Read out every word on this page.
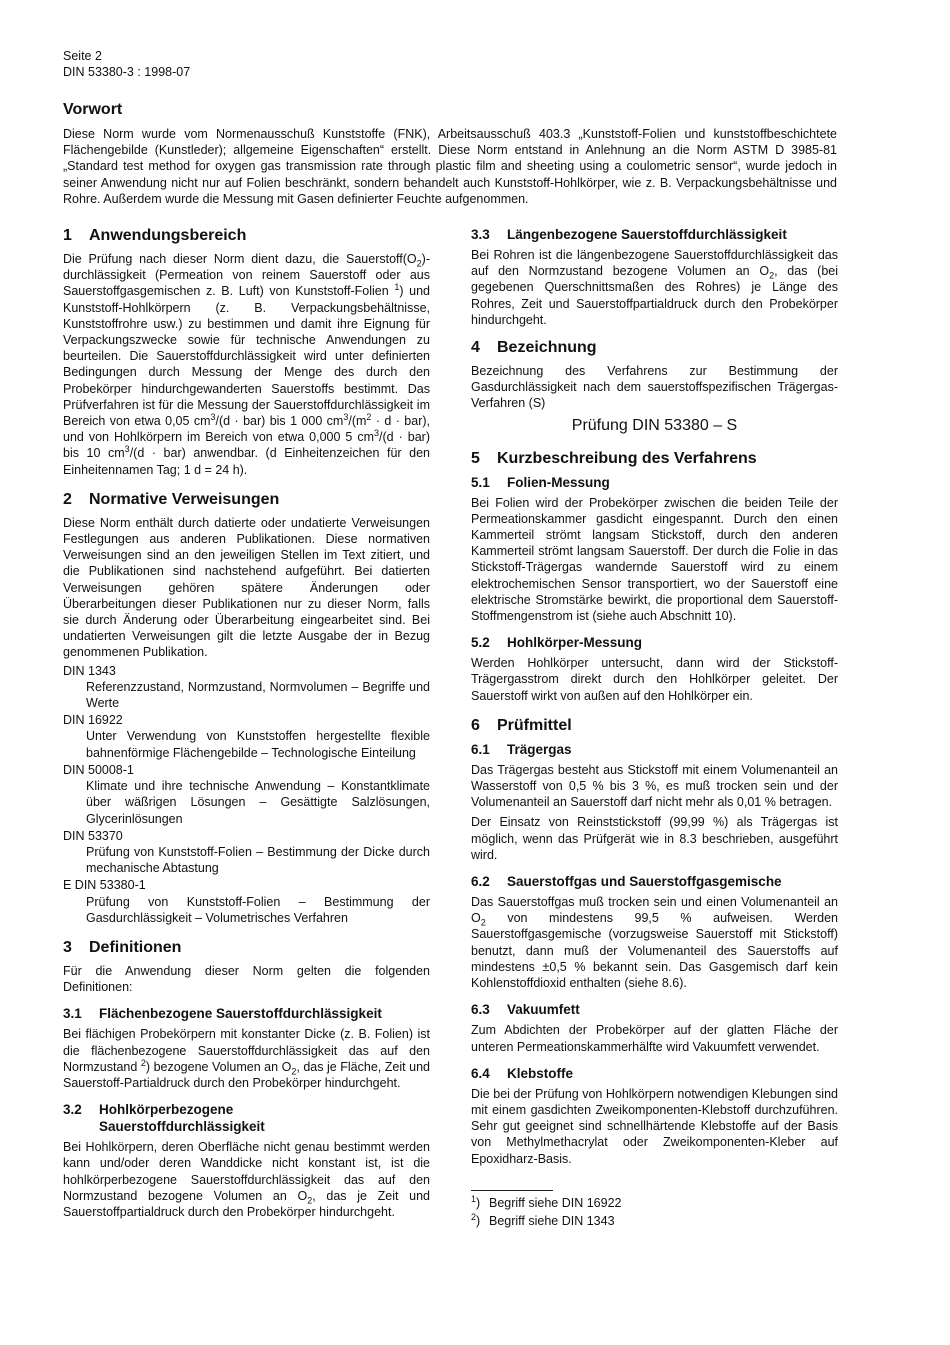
Seite 2
DIN 53380-3 : 1998-07
Vorwort

Diese Norm wurde vom Normenausschuß Kunststoffe (FNK), Arbeitsausschuß 403.3 „Kunststoff-Folien und kunststoffbeschichtete Flächengebilde (Kunstleder); allgemeine Eigenschaften“ erstellt. Diese Norm entstand in Anlehnung an die Norm ASTM D 3985-81 „Standard test method for oxygen gas transmission rate through plastic film and sheeting using a coulometric sensor“, wurde jedoch in seiner Anwendung nicht nur auf Folien beschränkt, sondern behandelt auch Kunststoff-Hohlkörper, wie z. B. Verpackungsbehältnisse und Rohre. Außerdem wurde die Messung mit Gasen definierter Feuchte aufgenommen.

1 Anwendungsbereich

Die Prüfung nach dieser Norm dient dazu, die $Sauerstoff(O_2)$-durchlässigkeit (Permeation von reinem Sauerstoff oder aus Sauerstoffgasgemischen z. B. Luft) von Kunststoff-Folien $^1$) und Kunststoff-Hohlkörpern (z. B. Verpackungsbehältnisse, Kunststoffrohre usw.) zu bestimmen und damit ihre Eignung für Verpackungszwecke sowie für technische Anwendungen zu beurteilen. Die Sauerstoffdurchlässigkeit wird unter definierten Bedingungen durch Messung der Menge des durch den Probekörper hindurchgewanderten Sauerstoffs bestimmt. Das Prüfverfahren ist für die Messung der Sauerstoffdurchlässigkeit im Bereich von etwa 0,05 $cm^3/(d \cdot bar)$ bis 1 000 $cm^3/(m^2 \cdot d \cdot bar)$, und von Hohlkörpern im Bereich von etwa 0,000 5 $cm^3/(d \cdot bar)$ bis 10 $cm^3/(d \cdot bar)$ anwendbar. (d Einheitenzeichen für den Einheitennamen Tag; 1 d = 24 h).

2 Normative Verweisungen

Diese Norm enthält durch datierte oder undatierte Verweisungen Festlegungen aus anderen Publikationen. Diese normativen Verweisungen sind an den jeweiligen Stellen im Text zitiert, und die Publikationen sind nachstehend aufgeführt. Bei datierten Verweisungen gehören spätere Änderungen oder Überarbeitungen dieser Publikationen nur zu dieser Norm, falls sie durch Änderung oder Überarbeitung eingearbeitet sind. Bei undatierten Verweisungen gilt die letzte Ausgabe der in Bezug genommenen Publikation.

DIN 1343

Referenzzustand, Normzustand, Normvolumen – Begriffe und Werte

DIN 16922

Unter Verwendung von Kunststoffen hergestellte flexible bahnenförmige Flächengebilde – Technologische Einteilung

DIN 50008-1

Klimate und ihre technische Anwendung – Konstantklimate über wäßrigen Lösungen – Gesättigte Salzlösungen, Glycerinlösungen

DIN 53370

Prüfung von Kunststoff-Folien – Bestimmung der Dicke durch mechanische Abtastung

E DIN 53380-1

Prüfung von Kunststoff-Folien – Bestimmung der Gasdurchlässigkeit – Volumetrisches Verfahren

3 Definitionen

Für die Anwendung dieser Norm gelten die folgenden Definitionen:

3.1 Flächenbezogene Sauerstoffdurchlässigkeit

Bei flächigen Probekörpern mit konstanter Dicke (z. B. Folien) ist die flächenbezogene Sauerstoffdurchlässigkeit das auf den Normzustand $^2$) bezogene Volumen an $O_2$, das je Fläche, Zeit und Sauerstoff-Partialdruck durch den Probekörper hindurchgeht.

3.2 Hohlkörperbezogene
Sauerstoffdurchlässigkeit

Bei Hohlkörpern, deren Oberfläche nicht genau bestimmt werden kann und/oder deren Wanddicke nicht konstant ist, ist die hohlkörperbezogene Sauerstoffdurchlässigkeit das auf den Normzustand bezogene Volumen an $O_2$, das je Zeit und Sauerstoffpartialdruck durch den Probekörper hindurchgeht.

3.3 Längenbezogene Sauerstoffdurchlässigkeit

Bei Rohren ist die längenbezogene Sauerstoffdurchlässigkeit das auf den Normzustand bezogene Volumen an $O_2$, das (bei gegebenen Querschnittsmaßen des Rohres) je Länge des Rohres, Zeit und Sauerstoffpartialdruck durch den Probekörper hindurchgeht.

4 Bezeichnung

Bezeichnung des Verfahrens zur Bestimmung der Gasdurchlässigkeit nach dem sauerstoffspezifischen Trägergas-Verfahren (S)

Prüfung DIN 53380 – S
5 Kurzbeschreibung des Verfahrens
5.1 Folien-Messung

Bei Folien wird der Probekörper zwischen die beiden Teile der Permeationskammer gasdicht eingespannt. Durch den einen Kammerteil strömt langsam Stickstoff, durch den anderen Kammerteil strömt langsam Sauerstoff. Der durch die Folie in das Stickstoff-Trägergas wandernde Sauerstoff wird zu einem elektrochemischen Sensor transportiert, wo der Sauerstoff eine elektrische Stromstärke bewirkt, die proportional dem Sauerstoff-Stoffmengenstrom ist (siehe auch Abschnitt 10).

5.2 Hohlkörper-Messung

Werden Hohlkörper untersucht, dann wird der Stickstoff-Trägergasstrom direkt durch den Hohlkörper geleitet. Der Sauerstoff wirkt von außen auf den Hohlkörper ein.

6 Prüfmittel
6.1 Trägergas

Das Trägergas besteht aus Stickstoff mit einem Volumenanteil an Wasserstoff von 0,5 % bis 3 %, es muß trocken sein und der Volumenanteil an Sauerstoff darf nicht mehr als 0,01 % betragen.

Der Einsatz von Reinststickstoff (99,99 %) als Trägergas ist möglich, wenn das Prüfgerät wie in 8.3 beschrieben, ausgeführt wird.

6.2 Sauerstoffgas und Sauerstoffgasgemische

Das Sauerstoffgas muß trocken sein und einen Volumenanteil an $O_2$ von mindestens 99,5 % aufweisen. Werden Sauerstoffgasgemische (vorzugsweise Sauerstoff mit Stickstoff) benutzt, dann muß der Volumenanteil des Sauerstoffs auf mindestens ±0,5 % bekannt sein. Das Gasgemisch darf kein Kohlenstoffdioxid enthalten (siehe 8.6).

6.3 Vakuumfett

Zum Abdichten der Probekörper auf der glatten Fläche der unteren Permeationskammerhälfte wird Vakuumfett verwendet.

6.4 Klebstoffe

Die bei der Prüfung von Hohlkörpern notwendigen Klebungen sind mit einem gasdichten Zweikomponenten-Klebstoff durchzuführen. Sehr gut geeignet sind schnellhärtende Klebstoffe auf der Basis von Methylmethacrylat oder Zweikomponenten-Kleber auf Epoxidharz-Basis.

$^1$) Begriff siehe DIN 16922
$^2$) Begriff siehe DIN 1343
